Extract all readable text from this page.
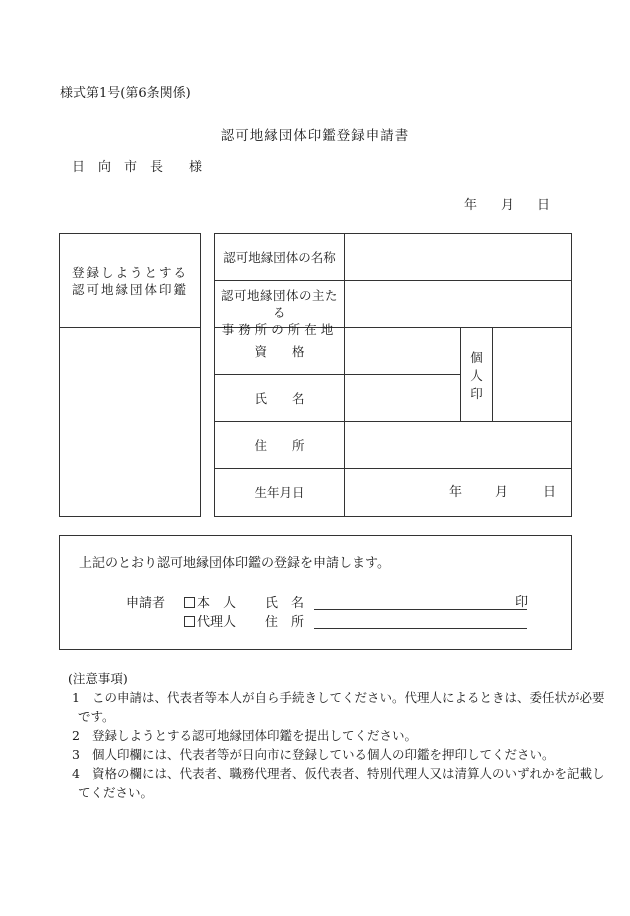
様式第1号(第6条関係)
認可地縁団体印鑑登録申請書
日　向　市　長　　様
年 月 日
登録しようとする
認可地縁団体印鑑
認可地縁団体の名称
認可地縁団体の主たる
事務所の所在地
資　　格
氏　　名
個
人
印
住　　所
生年月日	年	月	日
上記のとおり認可地縁団体印鑑の登録を申請します。
申請者	本　人 氏　名	印
代理人 住　所
(注意事項)
1 この申請は、代表者等本人が自ら手続きしてください。代理人によるときは、委任状が必要
です。
2 登録しようとする認可地縁団体印鑑を提出してください。
3 個人印欄には、代表者等が日向市に登録している個人の印鑑を押印してください。
4 資格の欄には、代表者、職務代理者、仮代表者、特別代理人又は清算人のいずれかを記載し
てください。
